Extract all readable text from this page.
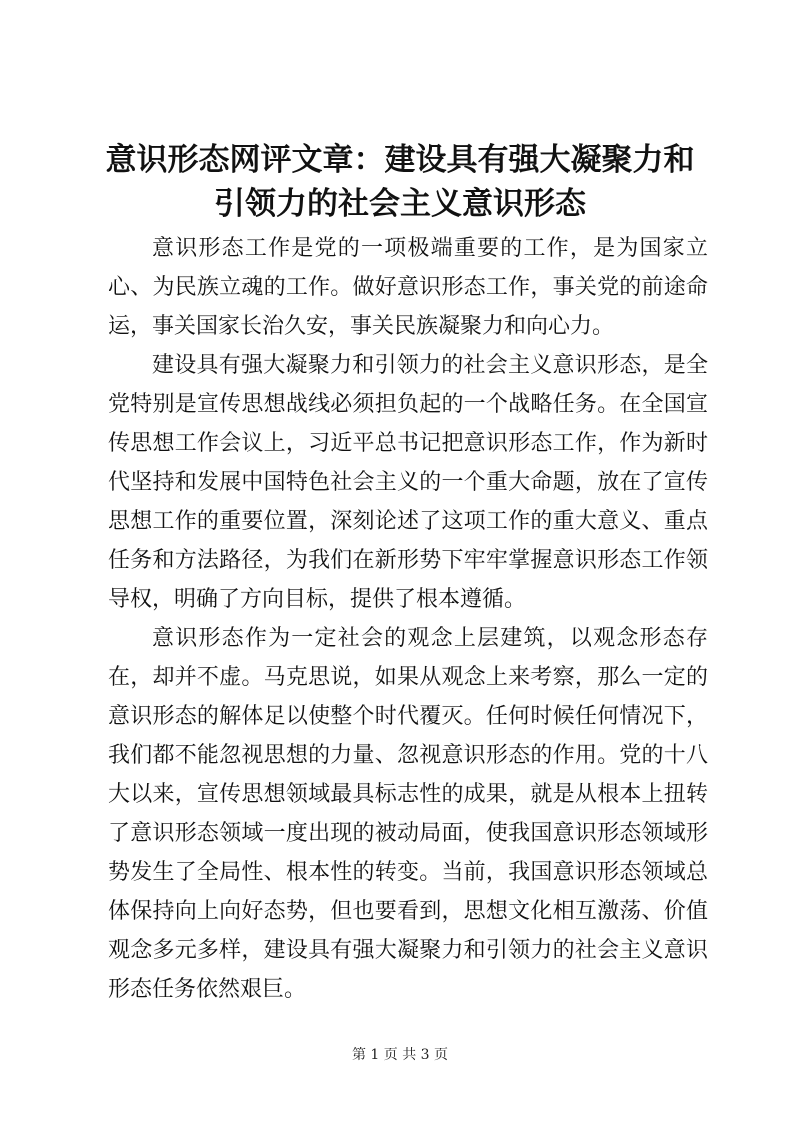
意识形态网评文章：建设具有强大凝聚力和引领力的社会主义意识形态

意识形态工作是党的一项极端重要的工作，是为国家立心、为民族立魂的工作。做好意识形态工作，事关党的前途命运，事关国家长治久安，事关民族凝聚力和向心力。

建设具有强大凝聚力和引领力的社会主义意识形态，是全党特别是宣传思想战线必须担负起的一个战略任务。在全国宣传思想工作会议上，习近平总书记把意识形态工作，作为新时代坚持和发展中国特色社会主义的一个重大命题，放在了宣传思想工作的重要位置，深刻论述了这项工作的重大意义、重点任务和方法路径，为我们在新形势下牢牢掌握意识形态工作领导权，明确了方向目标，提供了根本遵循。

意识形态作为一定社会的观念上层建筑，以观念形态存在，却并不虚。马克思说，如果从观念上来考察，那么一定的意识形态的解体足以使整个时代覆灭。任何时候任何情况下，我们都不能忽视思想的力量、忽视意识形态的作用。党的十八大以来，宣传思想领域最具标志性的成果，就是从根本上扭转了意识形态领域一度出现的被动局面，使我国意识形态领域形势发生了全局性、根本性的转变。当前，我国意识形态领域总体保持向上向好态势，但也要看到，思想文化相互激荡、价值观念多元多样，建设具有强大凝聚力和引领力的社会主义意识形态任务依然艰巨。

第 1 页 共 3 页
